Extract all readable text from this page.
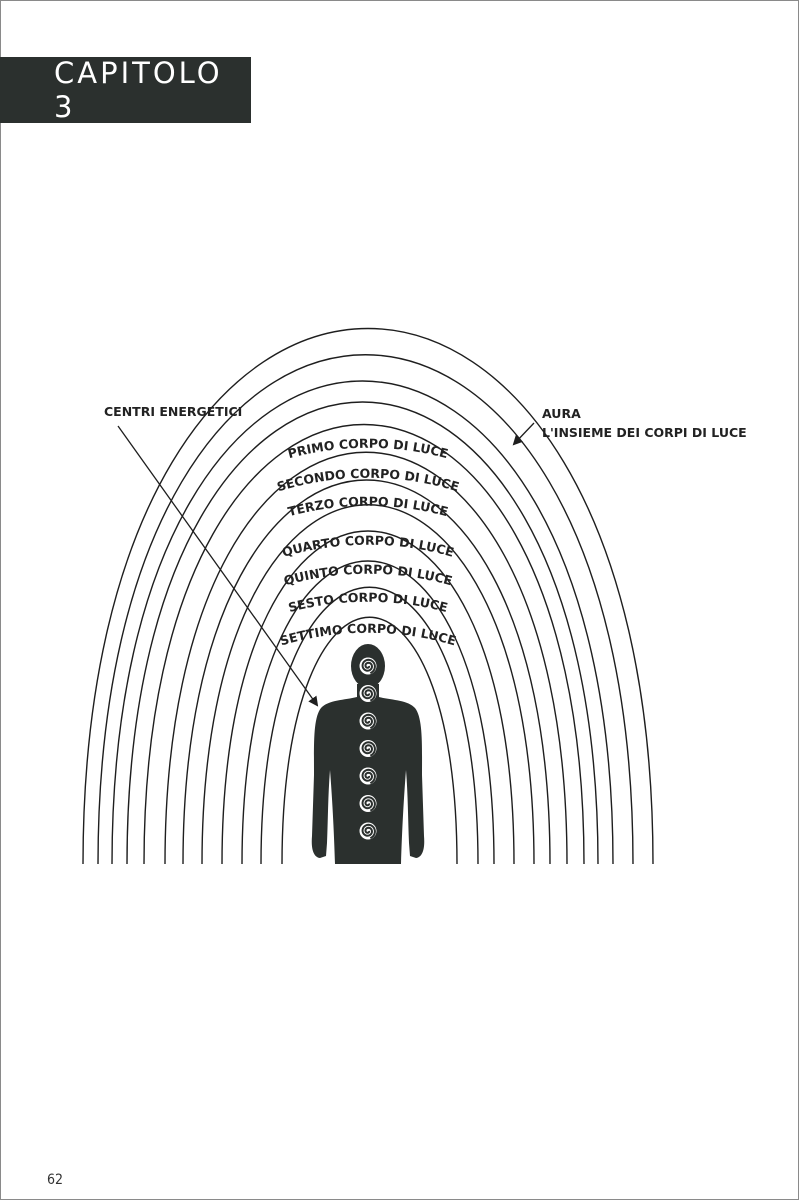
CAPITOLO 3
PRIMO CORPO DI LUCE
SECONDO CORPO DI LUCE
TERZO CORPO DI LUCE
QUARTO CORPO DI LUCE
QUINTO CORPO DI LUCE
SESTO CORPO DI LUCE
SETTIMO CORPO DI LUCE
CENTRI ENERGETICI	AURA
L'INSIEME DEI CORPI DI LUCE
62
